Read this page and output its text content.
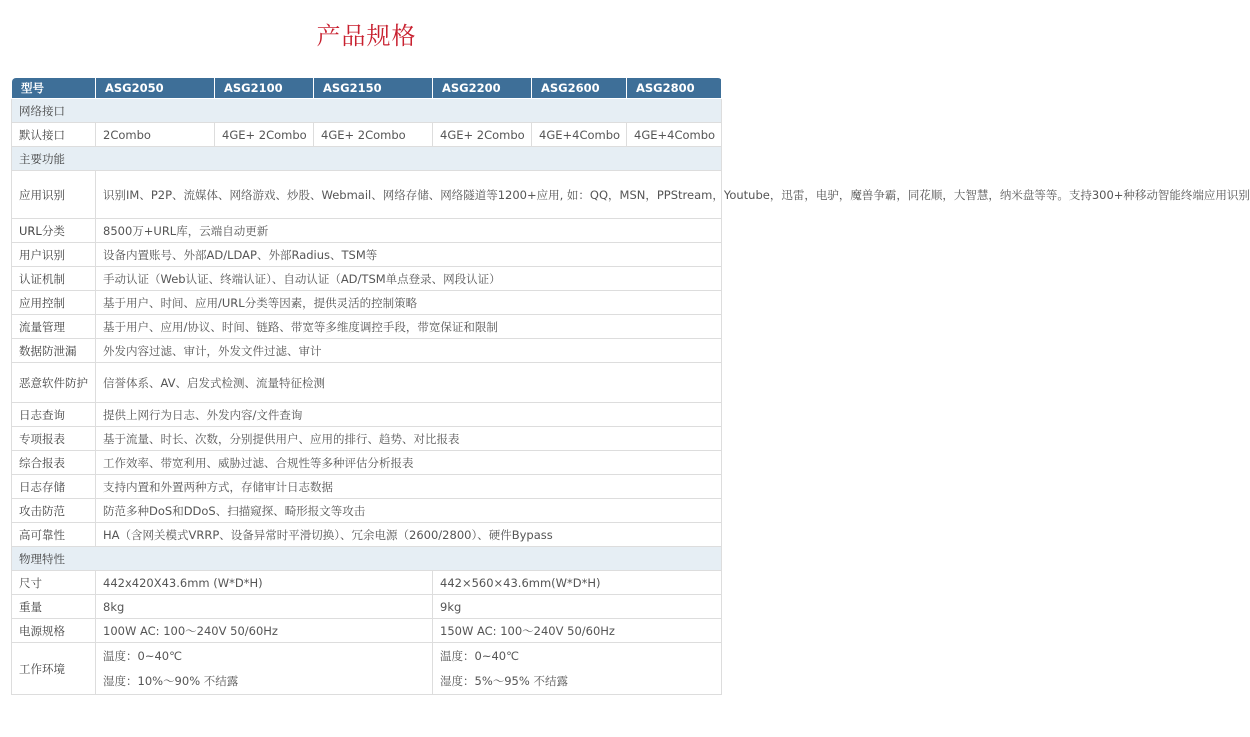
产品规格
型号	ASG2050	ASG2100	ASG2150	ASG2200	ASG2600	ASG2800
网络接口						
默认接口	2Combo	4GE+ 2Combo	4GE+ 2Combo	4GE+ 2Combo	4GE+4Combo	4GE+4Combo
主要功能						
应用识别	识别IM、P2P、流媒体、网络游戏、炒股、Webmail、网络存储、网络隧道等1200+应用, 如：QQ，MSN，PPStream，Youtube，迅雷，电驴，魔兽争霸，同花顺，大智慧，纳米盘等等。支持300+种移动智能终端应用识别					
URL分类	8500万+URL库，云端自动更新					
用户识别	设备内置账号、外部AD/LDAP、外部Radius、TSM等					
认证机制	手动认证（Web认证、终端认证）、自动认证（AD/TSM单点登录、网段认证）					
应用控制	基于用户、时间、应用/URL分类等因素，提供灵活的控制策略					
流量管理	基于用户、应用/协议、时间、链路、带宽等多维度调控手段，带宽保证和限制					
数据防泄漏	外发内容过滤、审计，外发文件过滤、审计					
恶意软件防护	信誉体系、AV、启发式检测、流量特征检测					
日志查询	提供上网行为日志、外发内容/文件查询					
专项报表	基于流量、时长、次数，分别提供用户、应用的排行、趋势、对比报表					
综合报表	工作效率、带宽利用、威胁过滤、合规性等多种评估分析报表					
日志存储	支持内置和外置两种方式，存储审计日志数据					
攻击防范	防范多种DoS和DDoS、扫描窥探、畸形报文等攻击					
高可靠性	HA（含网关模式VRRP、设备异常时平滑切换）、冗余电源（2600/2800）、硬件Bypass					
物理特性						
尺寸	442x420X43.6mm (W*D*H)			442×560×43.6mm(W*D*H)		
重量	8kg			9kg		
电源规格	100W AC: 100～240V 50/60Hz			150W AC: 100～240V 50/60Hz		
工作环境	温度：0~40℃
湿度：10%～90% 不结露			温度：0~40℃
湿度：5%～95% 不结露		
